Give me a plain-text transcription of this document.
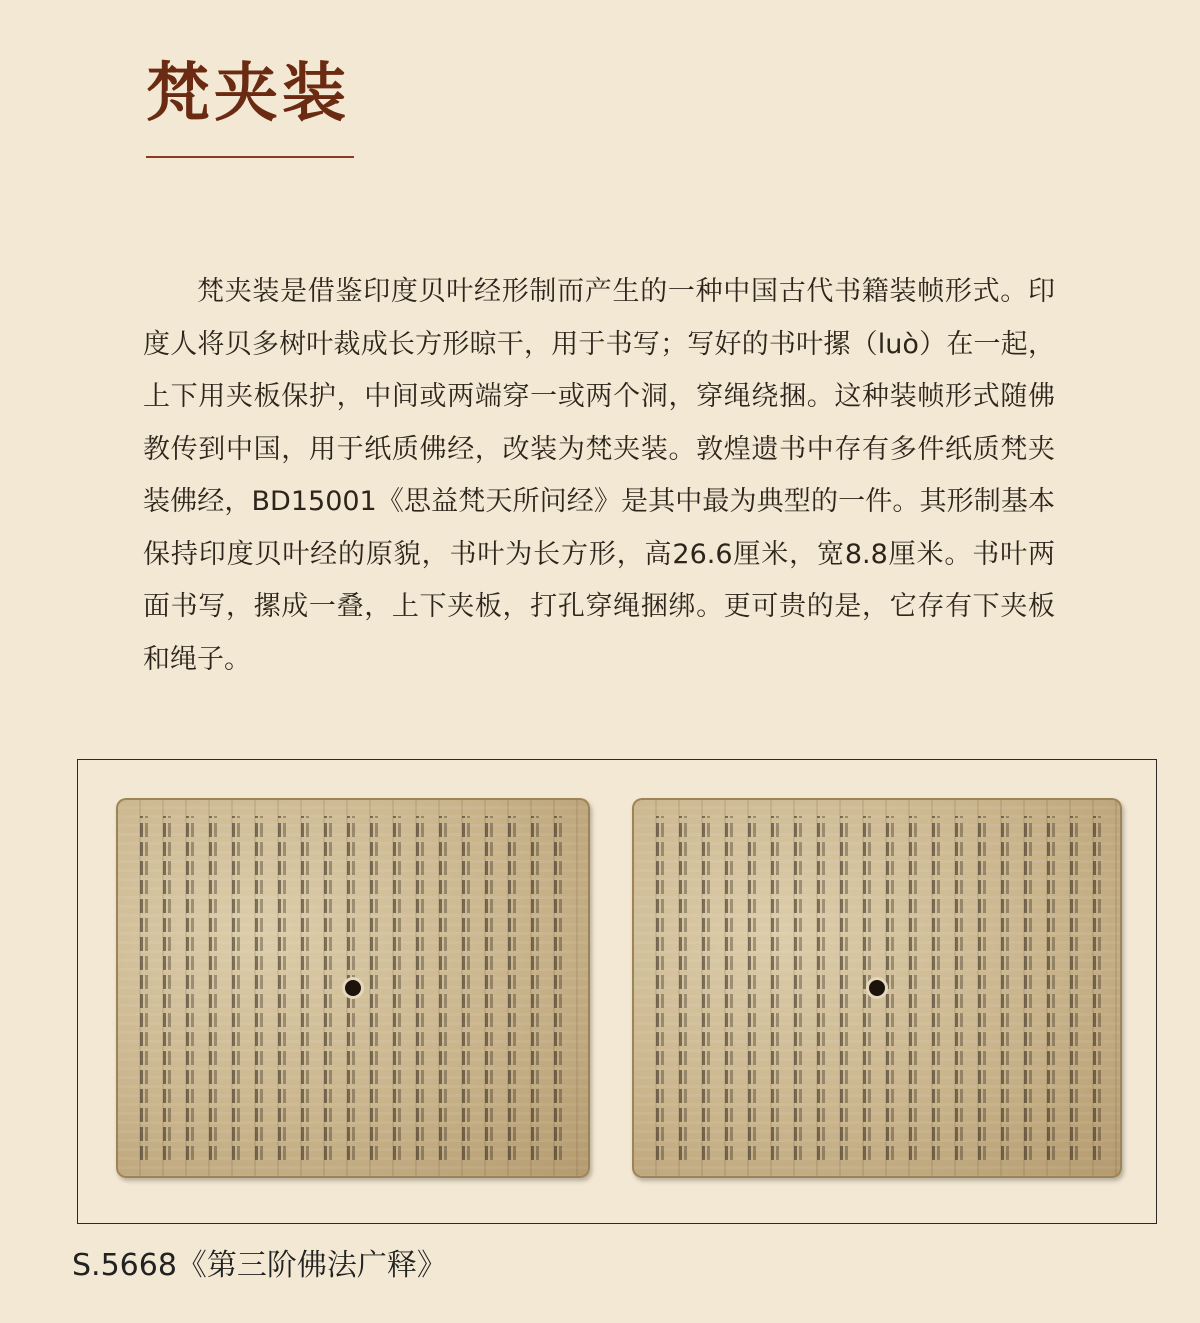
梵夹装

梵夹装是借鉴印度贝叶经形制而产生的一种中国古代书籍装帧形式。印度人将贝多树叶裁成长方形晾干，用于书写；写好的书叶摞（luò）在一起，上下用夹板保护，中间或两端穿一或两个洞，穿绳绕捆。这种装帧形式随佛教传到中国，用于纸质佛经，改装为梵夹装。敦煌遗书中存有多件纸质梵夹装佛经，BD15001《思益梵天所问经》是其中最为典型的一件。其形制基本保持印度贝叶经的原貌，书叶为长方形，高26.6厘米，宽8.8厘米。书叶两面书写，摞成一叠，上下夹板，打孔穿绳捆绑。更可贵的是，它存有下夹板和绳子。

S.5668《第三阶佛法广释》
